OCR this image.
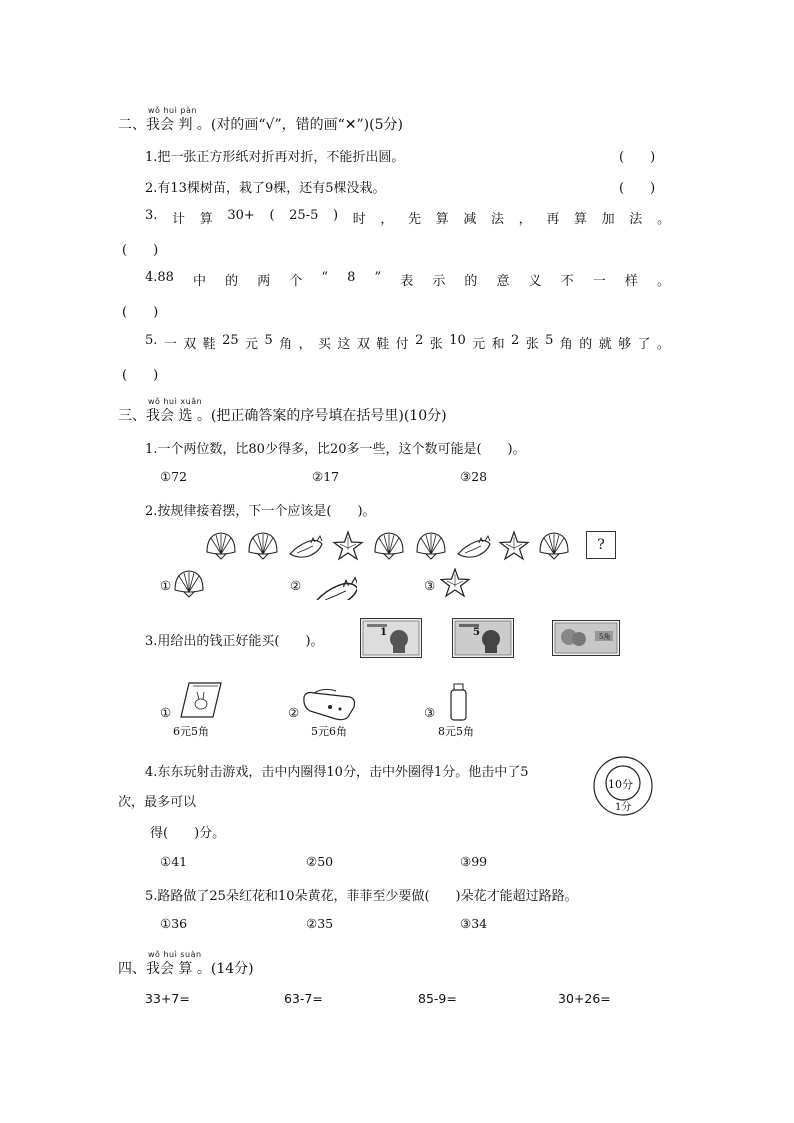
wǒ huì pàn
二、我会 判 。(对的画“√”，错的画“✕”)(5分)
1.把一张正方形纸对折再对折，不能折出圆。	(　　)
2.有13棵树苗，栽了9棵，还有5棵没栽。	(　　)
3. 计 算 30+ ( 25-5 ) 时 ， 先 算 减 法 ， 再 算 加 法 。
(　　)
4.88 中 的 两 个 “ 8 ” 表 示 的 意 义 不 一 样 。
(　　)
5. 一 双 鞋 25 元 5 角 ， 买 这 双 鞋 付 2 张 10 元 和 2 张 5 角 的 就 够 了 。
(　　)
wǒ huì xuǎn
三、我会 选 。(把正确答案的序号填在括号里)(10分)
1.一个两位数，比80少得多，比20多一些，这个数可能是(　　)。
①72	②17	③28
2.按规律接着摆，下一个应该是(　　)。
?
①	②	③
3.用给出的钱正好能买(　　)。
1	5	5角
①
6元5角
②
5元6角
③
8元5角
4.东东玩射击游戏，击中内圈得10分，击中外圈得1分。他击中了5
次，最多可以
得(　　)分。
10分
1分
①41	②50	③99
5.路路做了25朵红花和10朵黄花，菲菲至少要做(　　)朵花才能超过路路。
①36	②35	③34
wǒ huì suàn
四、我会 算 。(14分)
33+7=	63-7=	85-9=	30+26=
